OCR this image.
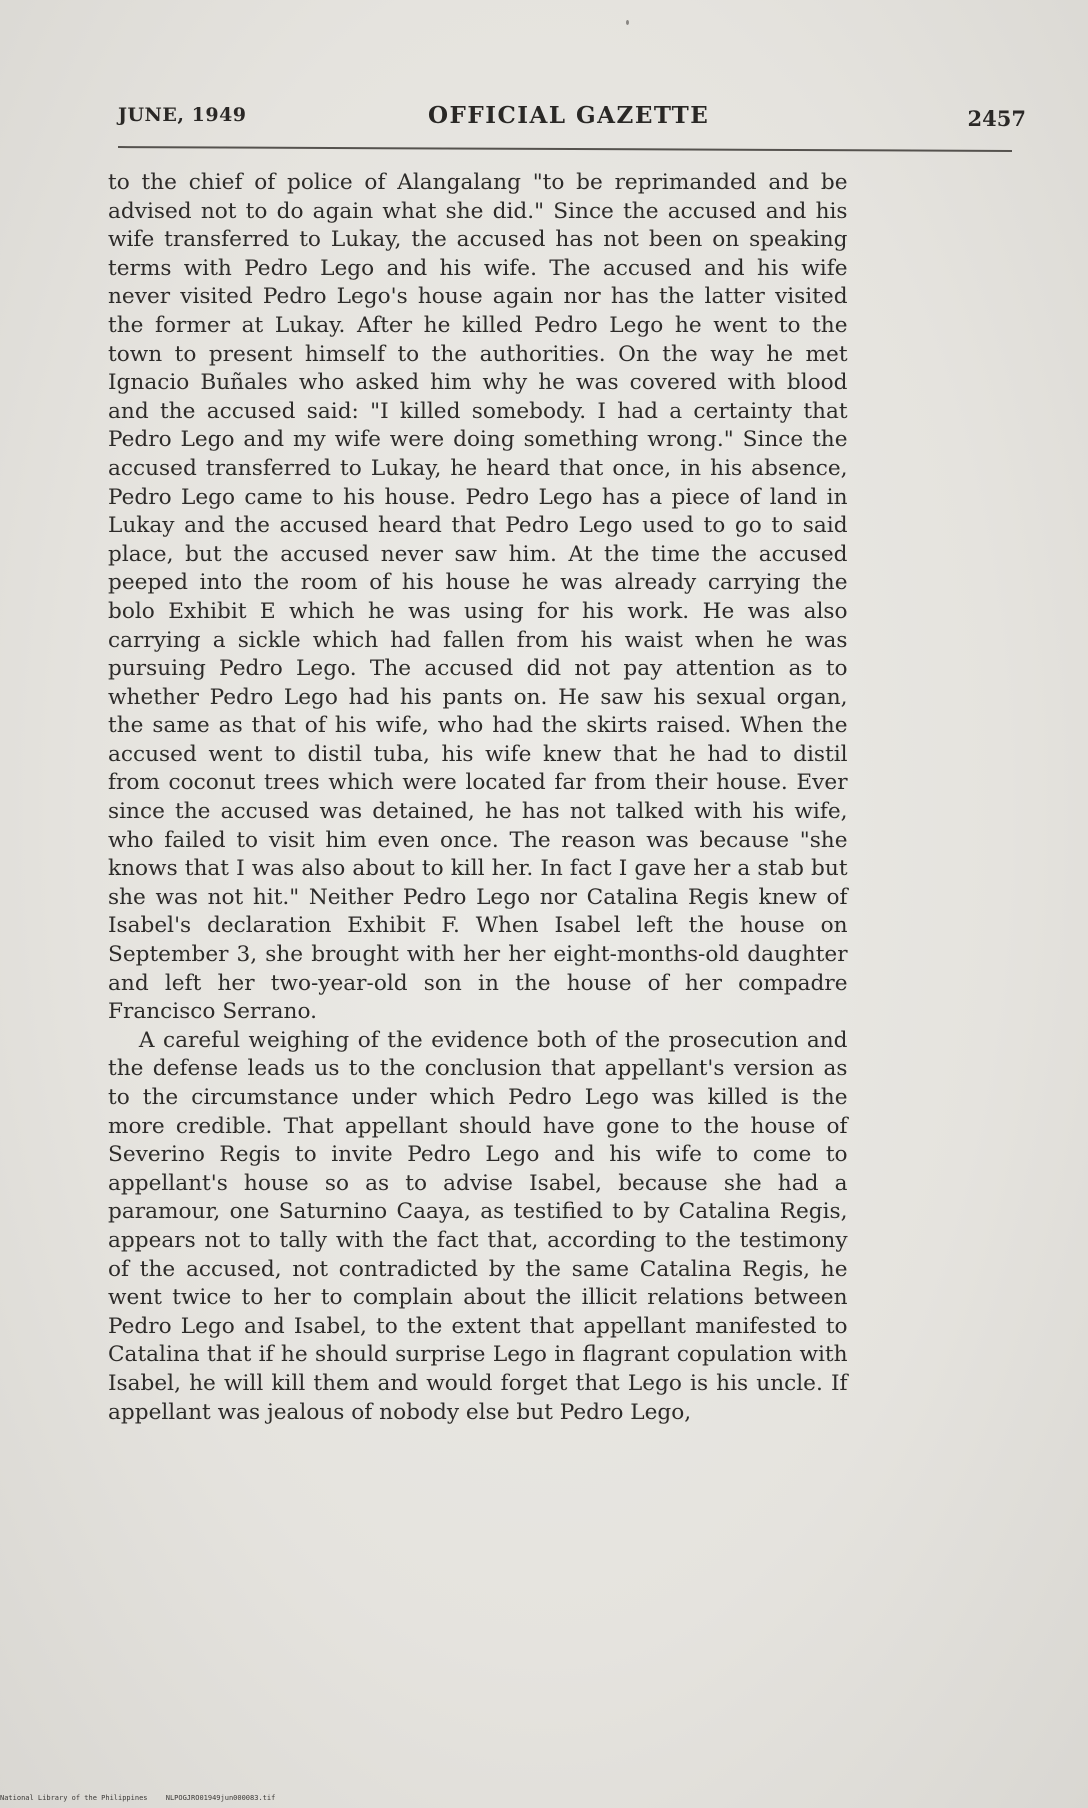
JUNE, 1949	OFFICIAL GAZETTE	2457

to the chief of police of Alangalang "to be reprimanded and be advised not to do again what she did." Since the accused and his wife transferred to Lukay, the accused has not been on speaking terms with Pedro Lego and his wife. The accused and his wife never visited Pedro Lego's house again nor has the latter visited the former at Lukay. After he killed Pedro Lego he went to the town to present himself to the authorities. On the way he met Ignacio Buñales who asked him why he was covered with blood and the accused said: "I killed somebody. I had a certainty that Pedro Lego and my wife were doing something wrong." Since the accused transferred to Lukay, he heard that once, in his absence, Pedro Lego came to his house. Pedro Lego has a piece of land in Lukay and the accused heard that Pedro Lego used to go to said place, but the accused never saw him. At the time the accused peeped into the room of his house he was already carrying the bolo Exhibit E which he was using for his work. He was also carrying a sickle which had fallen from his waist when he was pursuing Pedro Lego. The accused did not pay attention as to whether Pedro Lego had his pants on. He saw his sexual organ, the same as that of his wife, who had the skirts raised. When the accused went to distil tuba, his wife knew that he had to distil from coconut trees which were located far from their house. Ever since the accused was detained, he has not talked with his wife, who failed to visit him even once. The reason was because "she knows that I was also about to kill her. In fact I gave her a stab but she was not hit." Neither Pedro Lego nor Catalina Regis knew of Isabel's declaration Exhibit F. When Isabel left the house on September 3, she brought with her her eight-months-old daughter and left her two-year-old son in the house of her compadre Francisco Serrano.

A careful weighing of the evidence both of the prosecution and the defense leads us to the conclusion that appellant's version as to the circumstance under which Pedro Lego was killed is the more credible. That appellant should have gone to the house of Severino Regis to invite Pedro Lego and his wife to come to appellant's house so as to advise Isabel, because she had a paramour, one Saturnino Caaya, as testified to by Catalina Regis, appears not to tally with the fact that, according to the testimony of the accused, not contradicted by the same Catalina Regis, he went twice to her to complain about the illicit relations between Pedro Lego and Isabel, to the extent that appellant manifested to Catalina that if he should surprise Lego in flagrant copulation with Isabel, he will kill them and would forget that Lego is his uncle. If appellant was jealous of nobody else but Pedro Lego,

National Library of the Philippines	NLPOGJRO01949jun000083.tif
